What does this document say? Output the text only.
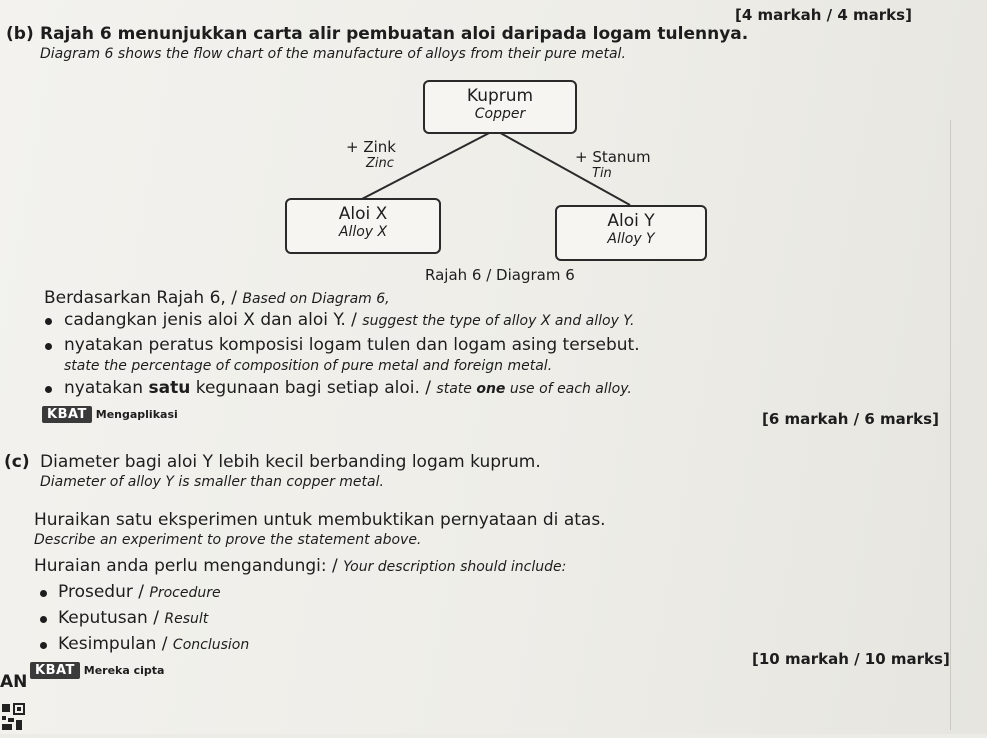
(b) Rajah 6 menunjukkan carta alir pembuatan aloi daripada logam tulennya.
[4 markah / 4 marks]
Diagram 6 shows the flow chart of the manufacture of alloys from their pure metal.
Kuprum
Copper
+ Zink
Zinc	+ Stanum
Tin
Aloi X
Alloy X
Aloi Y
Alloy Y
Rajah 6 / Diagram 6
Berdasarkan Rajah 6, / Based on Diagram 6,
cadangkan jenis aloi X dan aloi Y. / suggest the type of alloy X and alloy Y.
nyatakan peratus komposisi logam tulen dan logam asing tersebut.
state the percentage of composition of pure metal and foreign metal.
nyatakan satu kegunaan bagi setiap aloi. / state one use of each alloy.
KBAT Mengaplikasi	[6 markah / 6 marks]
(c) Diameter bagi aloi Y lebih kecil berbanding logam kuprum.
Diameter of alloy Y is smaller than copper metal.
Huraikan satu eksperimen untuk membuktikan pernyataan di atas.
Describe an experiment to prove the statement above.
Huraian anda perlu mengandungi: / Your description should include:
Prosedur / Procedure
Keputusan / Result
Kesimpulan / Conclusion
KBAT Mereka cipta
[10 markah / 10 marks]
AN
